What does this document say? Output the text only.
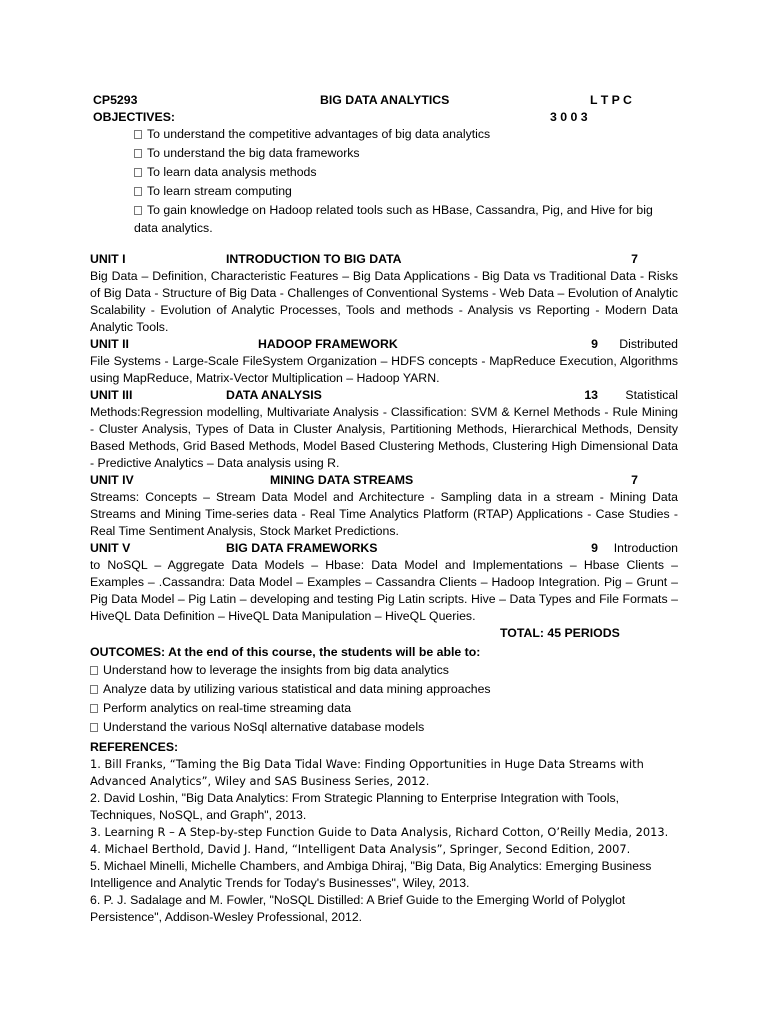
CP5293	BIG DATA ANALYTICS	L T P C
OBJECTIVES:	3 0 0 3
To understand the competitive advantages of big data analytics
To understand the big data frameworks
To learn data analysis methods
To learn stream computing
To gain knowledge on Hadoop related tools such as HBase, Cassandra, Pig, and Hive for big
data analytics.
UNIT I	INTRODUCTION TO BIG DATA	7
Big Data – Definition, Characteristic Features – Big Data Applications - Big Data vs Traditional Data - Risks of Big Data - Structure of Big Data - Challenges of Conventional Systems - Web Data – Evolution of Analytic Scalability - Evolution of Analytic Processes, Tools and methods - Analysis vs Reporting - Modern Data Analytic Tools.
UNIT II	HADOOP FRAMEWORK	9 Distributed
File Systems - Large-Scale FileSystem Organization – HDFS concepts - MapReduce Execution, Algorithms using MapReduce, Matrix-Vector Multiplication – Hadoop YARN.
UNIT III	DATA ANALYSIS	13 Statistical
Methods:Regression modelling, Multivariate Analysis - Classification: SVM & Kernel Methods - Rule Mining - Cluster Analysis, Types of Data in Cluster Analysis, Partitioning Methods, Hierarchical Methods, Density Based Methods, Grid Based Methods, Model Based Clustering Methods, Clustering High Dimensional Data - Predictive Analytics – Data analysis using R.
UNIT IV	MINING DATA STREAMS	7
Streams: Concepts – Stream Data Model and Architecture - Sampling data in a stream - Mining Data Streams and Mining Time-series data - Real Time Analytics Platform (RTAP) Applications - Case Studies - Real Time Sentiment Analysis, Stock Market Predictions.
UNIT V	BIG DATA FRAMEWORKS	9 Introduction
to NoSQL – Aggregate Data Models – Hbase: Data Model and Implementations – Hbase Clients – Examples – .Cassandra: Data Model – Examples – Cassandra Clients – Hadoop Integration. Pig – Grunt – Pig Data Model – Pig Latin – developing and testing Pig Latin scripts. Hive – Data Types and File Formats – HiveQL Data Definition – HiveQL Data Manipulation – HiveQL Queries.
TOTAL: 45 PERIODS
OUTCOMES: At the end of this course, the students will be able to:
Understand how to leverage the insights from big data analytics
Analyze data by utilizing various statistical and data mining approaches
Perform analytics on real-time streaming data
Understand the various NoSql alternative database models
REFERENCES:
1. Bill Franks, “Taming the Big Data Tidal Wave: Finding Opportunities in Huge Data Streams with Advanced Analytics”, Wiley and SAS Business Series, 2012.
2. David Loshin, "Big Data Analytics: From Strategic Planning to Enterprise Integration with Tools, Techniques, NoSQL, and Graph", 2013.
3. Learning R – A Step-by-step Function Guide to Data Analysis, Richard Cotton, O’Reilly Media, 2013.
4. Michael Berthold, David J. Hand, “Intelligent Data Analysis”, Springer, Second Edition, 2007.
5. Michael Minelli, Michelle Chambers, and Ambiga Dhiraj, "Big Data, Big Analytics: Emerging Business Intelligence and Analytic Trends for Today's Businesses", Wiley, 2013.
6. P. J. Sadalage and M. Fowler, "NoSQL Distilled: A Brief Guide to the Emerging World of Polyglot Persistence", Addison-Wesley Professional, 2012.
